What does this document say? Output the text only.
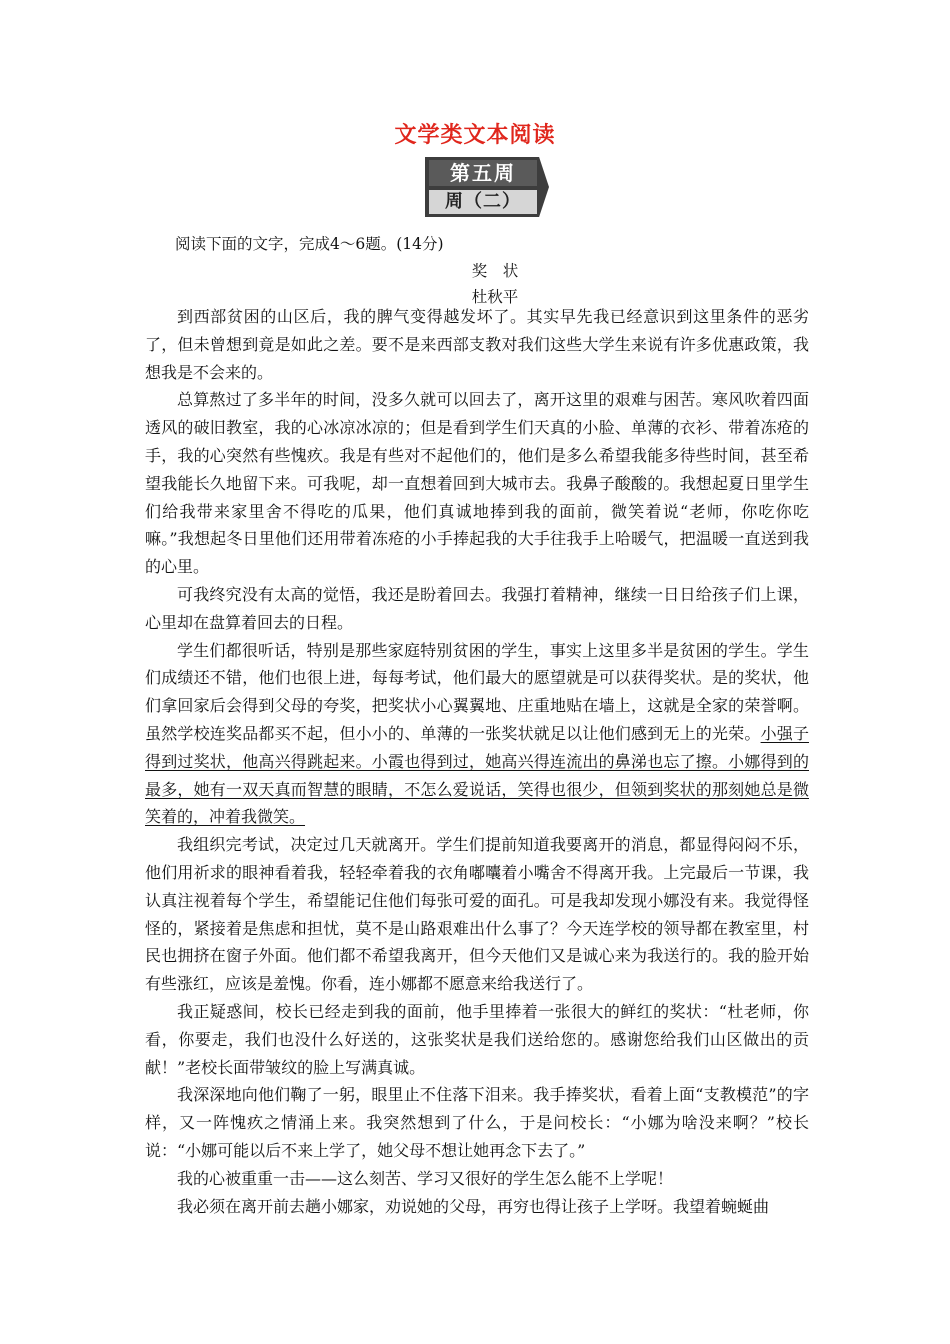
文学类文本阅读
第五周
周（二）
阅读下面的文字，完成4～6题。(14分)
奖　状
杜秋平

到西部贫困的山区后，我的脾气变得越发坏了。其实早先我已经意识到这里条件的恶劣了，但未曾想到竟是如此之差。要不是来西部支教对我们这些大学生来说有许多优惠政策，我想我是不会来的。

总算熬过了多半年的时间，没多久就可以回去了，离开这里的艰难与困苦。寒风吹着四面透风的破旧教室，我的心冰凉冰凉的；但是看到学生们天真的小脸、单薄的衣衫、带着冻疮的手，我的心突然有些愧疚。我是有些对不起他们的，他们是多么希望我能多待些时间，甚至希望我能长久地留下来。可我呢，却一直想着回到大城市去。我鼻子酸酸的。我想起夏日里学生们给我带来家里舍不得吃的瓜果，他们真诚地捧到我的面前，微笑着说“老师，你吃你吃嘛。”我想起冬日里他们还用带着冻疮的小手捧起我的大手往我手上哈暖气，把温暖一直送到我的心里。

可我终究没有太高的觉悟，我还是盼着回去。我强打着精神，继续一日日给孩子们上课，心里却在盘算着回去的日程。

学生们都很听话，特别是那些家庭特别贫困的学生，事实上这里多半是贫困的学生。学生们成绩还不错，他们也很上进，每每考试，他们最大的愿望就是可以获得奖状。是的奖状，他们拿回家后会得到父母的夸奖，把奖状小心翼翼地、庄重地贴在墙上，这就是全家的荣誉啊。虽然学校连奖品都买不起，但小小的、单薄的一张奖状就足以让他们感到无上的光荣。小强子得到过奖状，他高兴得跳起来。小霞也得到过，她高兴得连流出的鼻涕也忘了擦。小娜得到的最多，她有一双天真而智慧的眼睛，不怎么爱说话，笑得也很少，但领到奖状的那刻她总是微笑着的，冲着我微笑。

我组织完考试，决定过几天就离开。学生们提前知道我要离开的消息，都显得闷闷不乐，他们用祈求的眼神看着我，轻轻牵着我的衣角嘟囔着小嘴舍不得离开我。上完最后一节课，我认真注视着每个学生，希望能记住他们每张可爱的面孔。可是我却发现小娜没有来。我觉得怪怪的，紧接着是焦虑和担忧，莫不是山路艰难出什么事了？今天连学校的领导都在教室里，村民也拥挤在窗子外面。他们都不希望我离开，但今天他们又是诚心来为我送行的。我的脸开始有些涨红，应该是羞愧。你看，连小娜都不愿意来给我送行了。

我正疑惑间，校长已经走到我的面前，他手里捧着一张很大的鲜红的奖状：“杜老师，你看，你要走，我们也没什么好送的，这张奖状是我们送给您的。感谢您给我们山区做出的贡献！”老校长面带皱纹的脸上写满真诚。

我深深地向他们鞠了一躬，眼里止不住落下泪来。我手捧奖状，看着上面“支教模范”的字样，又一阵愧疚之情涌上来。我突然想到了什么，于是问校长：“小娜为啥没来啊？”校长说：“小娜可能以后不来上学了，她父母不想让她再念下去了。”

我的心被重重一击——这么刻苦、学习又很好的学生怎么能不上学呢！

我必须在离开前去趟小娜家，劝说她的父母，再穷也得让孩子上学呀。我望着蜿蜒曲
